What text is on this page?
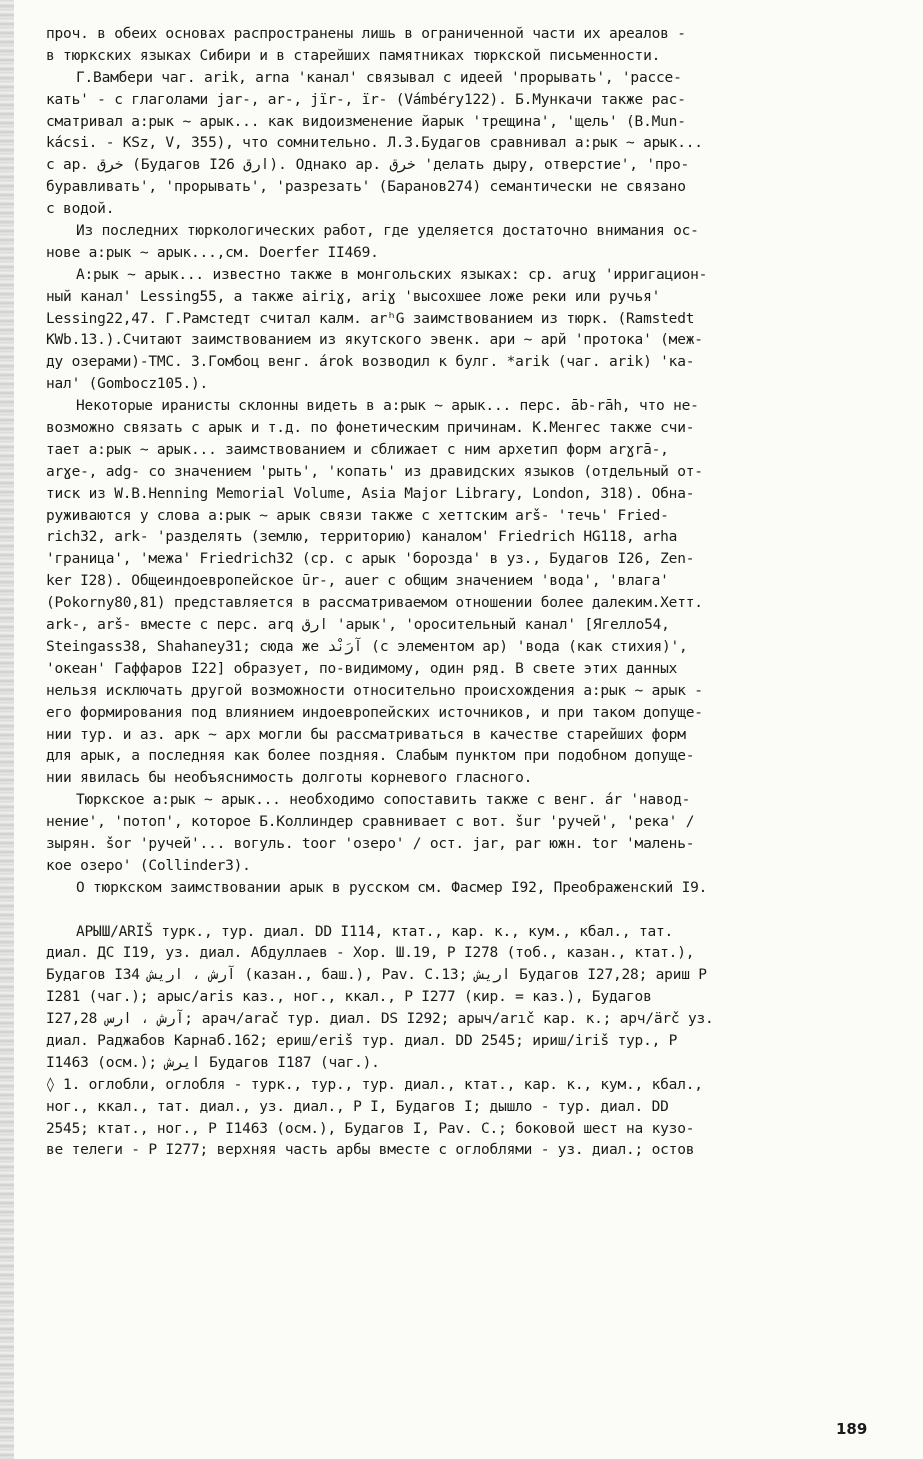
проч. в обеих основах распространены лишь в ограниченной части их ареалов -
в тюркских языках Сибири и в старейших памятниках тюркской письменности.
Г.Вамбери чаг. arik, arna 'канал' связывал с идеей 'прорывать', 'рассе-
кать' - с глаголами jar-, ar-, jïr-, ïr- (Vámbéry122). Б.Мункачи также рас-
сматривал а:рык ~ арык... как видоизменение йарык 'трещина', 'щель' (B.Mun-
kácsi. - KSz, V, 355), что сомнительно. Л.З.Будагов сравнивал а:рык ~ арык...
с ар. خرق (Будагов I26 ارق). Однако ар. خرق 'делать дыру, отверстие', 'про-
буравливать', 'прорывать', 'разрезать' (Баранов274) семантически не связано
с водой.
Из последних тюркологических работ, где уделяется достаточно внимания ос-
нове а:рык ~ арык...,см. Doerfer II469.
А:рык ~ арык... известно также в монгольских языках: ср. aruɣ 'ирригацион-
ный канал' Lessing55, а также airiɣ, ariɣ 'высохшее ложе реки или ручья'
Lessing22,47. Г.Рамстедт считал калм. arʰG заимствованием из тюрк. (Ramstedt
KWb.13.).Считают заимствованием из якутского эвенк. ари ~ арй 'протока' (меж-
ду озерами)-ТМС. З.Гомбоц венг. árok возводил к булг. *arik (чаг. arik) 'ка-
нал' (Gombocz105.).
Некоторые иранисты склонны видеть в а:рык ~ арык... перс. āb-rāh, что не-
возможно связать с арык и т.д. по фонетическим причинам. К.Менгес также счи-
тает а:рык ~ арык... заимствованием и сближает с ним архетип форм arɣrā-,
arɣe-, adg- со значением 'рыть', 'копать' из дравидских языков (отдельный от-
тиск из W.B.Henning Memorial Volume, Asia Major Library, London, 318). Обна-
руживаются у слова а:рык ~ арык связи также с хеттским arš- 'течь' Fried-
rich32, ark- 'разделять (землю, территорию) каналом' Friedrich HG118, arha
'граница', 'межа' Friedrich32 (ср. с арык 'борозда' в уз., Будагов I26, Zen-
ker I28). Общеиндоевропейское ūr-, auer с общим значением 'вода', 'влага'
(Pokorny80,81) представляется в рассматриваемом отношении более далеким.Хетт.
ark-, arš- вместе с перс. arq ارق 'арык', 'оросительный канал' [Ягелло54,
Steingass38, Shahaney31; сюда же آرَنْد (с элементом ар) 'вода (как стихия)',
'океан' Гаффаров I22] образует, по-видимому, один ряд. В свете этих данных
нельзя исключать другой возможности относительно происхождения а:рык ~ арык -
его формирования под влиянием индоевропейских источников, и при таком допуще-
нии тур. и аз. арк ~ арх могли бы рассматриваться в качестве старейших форм
для арык, а последняя как более поздняя. Слабым пунктом при подобном допуще-
нии явилась бы необъяснимость долготы корневого гласного.
Тюркское а:рык ~ арык... необходимо сопоставить также с венг. ár 'навод-
нение', 'потоп', которое Б.Коллиндер сравнивает с вот. šur 'ручей', 'река' /
зырян. šor 'ручей'... вогуль. toor 'озеро' / ост. jar, par южн. tor 'малень-
кое озеро' (Collinder3).
О тюркском заимствовании арык в русском см. Фасмер I92, Преображенский I9.
АРЫШ/ARIŠ турк., тур. диал. DD I114, ктат., кар. к., кум., кбал., тат.
диал. ДС I19, уз. диал. Абдуллаев - Хор. Ш.19, Р I278 (тоб., казан., ктат.),
Будагов I34 آرش ، اريش (казан., баш.), Pav. C.13; اريش Будагов I27,28; ариш P
I281 (чаг.); арыс/aris каз., ног., ккал., Р I277 (кир. = каз.), Будагов
I27,28 آرش ، ارس; арач/arač тур. диал. DS I292; арыч/arıč кар. к.; арч/ärč уз.
диал. Раджабов Карнаб.162; ериш/eriš тур. диал. DD 2545; ириш/iriš тур., Р
I1463 (осм.); ايرش Будагов I187 (чаг.).
◊ 1. оглобли, оглобля - турк., тур., тур. диал., ктат., кар. к., кум., кбал.,
ног., ккал., тат. диал., уз. диал., Р I, Будагов I; дышло - тур. диал. DD
2545; ктат., ног., Р I1463 (осм.), Будагов I, Pav. C.; боковой шест на кузо-
ве телеги - Р I277; верхняя часть арбы вместе с оглоблями - уз. диал.; остов
189
